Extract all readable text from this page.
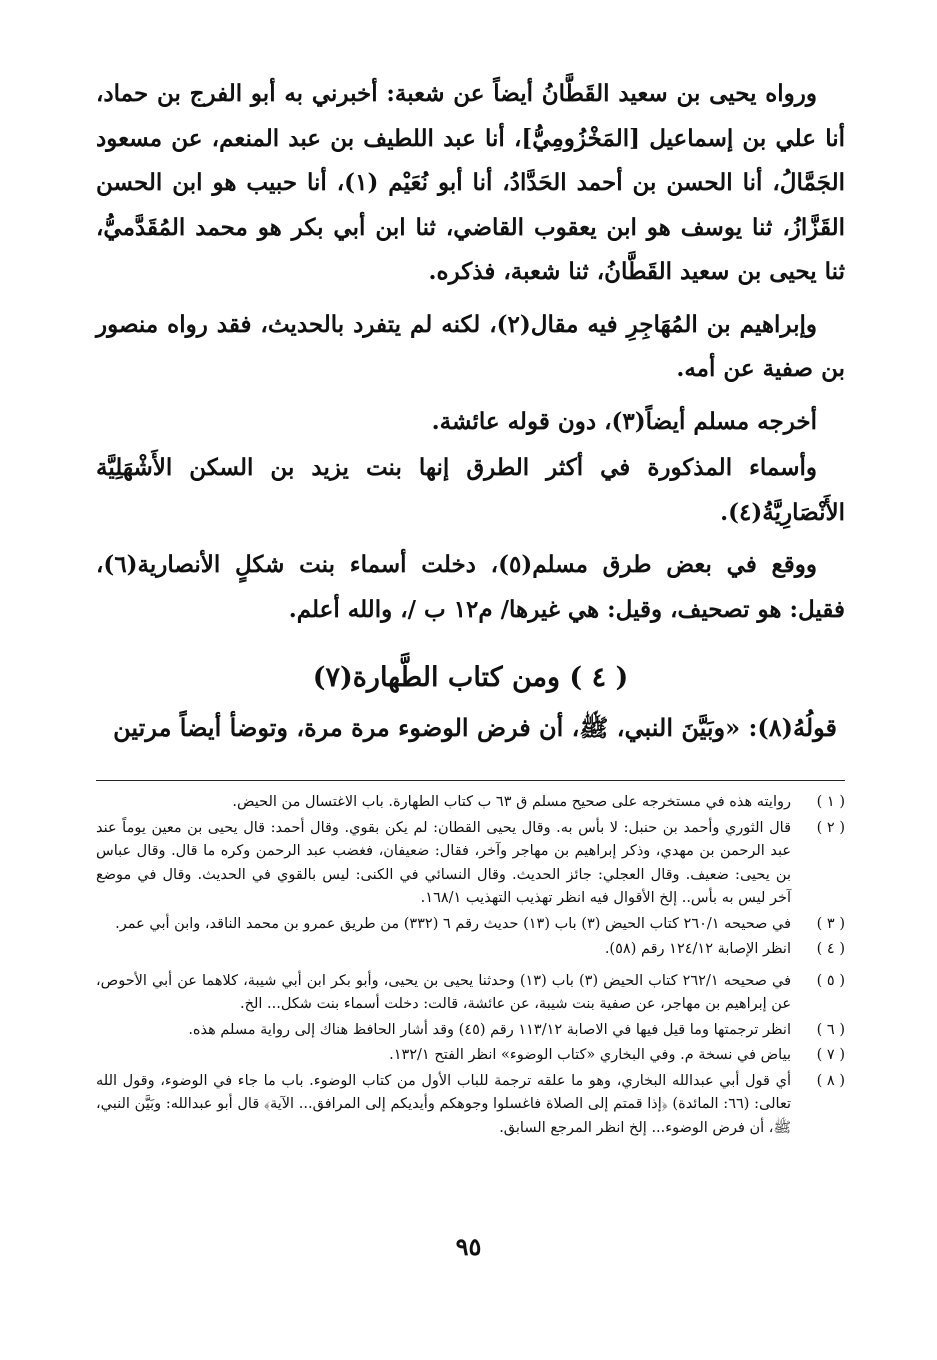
ورواه يحيى بن سعيد القَطَّانُ أيضاً عن شعبة: أخبرني به أبو الفرج بن حماد، أنا علي بن إسماعيل [المَخْزُومِيُّ]، أنا عبد اللطيف بن عبد المنعم، عن مسعود الجَمَّالُ، أنا الحسن بن أحمد الحَدَّادُ، أنا أبو نُعَيْم (١)، أنا حبيب هو ابن الحسن القَزَّازُ، ثنا يوسف هو ابن يعقوب القاضي، ثنا ابن أبي بكر هو محمد المُقَدَّميُّ، ثنا يحيى بن سعيد القَطَّانُ، ثنا شعبة، فذكره.

وإبراهيم بن المُهَاجِرِ فيه مقال(٢)، لكنه لم يتفرد بالحديث، فقد رواه منصور بن صفية عن أمه.

أخرجه مسلم أيضاً(٣)، دون قوله عائشة.

وأسماء المذكورة في أكثر الطرق إنها بنت يزيد بن السكن الأَشْهَلِيَّة الأَنْصَارِيَّةُ(٤).

ووقع في بعض طرق مسلم(٥)، دخلت أسماء بنت شكلٍ الأنصارية(٦)، فقيل: هو تصحيف، وقيل: هي غيرها/ م١٢ ب /، والله أعلم.

( ٤ ) ومن كتاب الطَّهارة(٧)
قولُهُ(٨): «وبَيَّنَ النبي، ﷺ، أن فرض الوضوء مرة مرة، وتوضأ أيضاً مرتين
( ١ )
روايته هذه في مستخرجه على صحيح مسلم ق ٦٣ ب كتاب الطهارة. باب الاغتسال من الحيض.
( ٢ )
قال الثوري وأحمد بن حنبل: لا بأس به. وقال يحيى القطان: لم يكن بقوي. وقال أحمد: قال يحيى بن معين يوماً عند عبد الرحمن بن مهدي، وذكر إبراهيم بن مهاجر وآخر، فقال: ضعيفان، فغضب عبد الرحمن وكره ما قال. وقال عباس بن يحيى: ضعيف. وقال العجلي: جائز الحديث. وقال النسائي في الكنى: ليس بالقوي في الحديث. وقال في موضع آخر ليس به بأس.. إلخ الأقوال فيه انظر تهذيب التهذيب ١٦٨/١.
( ٣ )
في صحيحه ٢٦٠/١ كتاب الحيض (٣) باب (١٣) حديث رقم ٦ (٣٣٢) من طريق عمرو بن محمد الناقد، وابن أبي عمر.
( ٤ )
انظر الإصابة ١٢٤/١٢ رقم (٥٨).
( ٥ )
في صحيحه ٢٦٢/١ كتاب الحيض (٣) باب (١٣) وحدثنا يحيى بن يحيى، وأبو بكر ابن أبي شيبة، كلاهما عن أبي الأحوص، عن إبراهيم بن مهاجر، عن صفية بنت شيبة، عن عائشة، قالت: دخلت أسماء بنت شكل... الخ.
( ٦ )
انظر ترجمتها وما قيل فيها في الاصابة ١١٣/١٢ رقم (٤٥) وقد أشار الحافظ هناك إلى رواية مسلم هذه.
( ٧ )
بياض في نسخة م. وفي البخاري «كتاب الوضوء» انظر الفتح ١٣٢/١.
( ٨ )
أي قول أبي عبدالله البخاري، وهو ما علقه ترجمة للباب الأول من كتاب الوضوء. باب ما جاء في الوضوء، وقول الله تعالى: (٦٦: المائدة) ﴿إذا قمتم إلى الصلاة فاغسلوا وجوهكم وأيديكم إلى المرافق... الآية﴾ قال أبو عبدالله: وبَيَّن النبي، ﷺ، أن فرض الوضوء... إلخ انظر المرجع السابق.
٩٥
